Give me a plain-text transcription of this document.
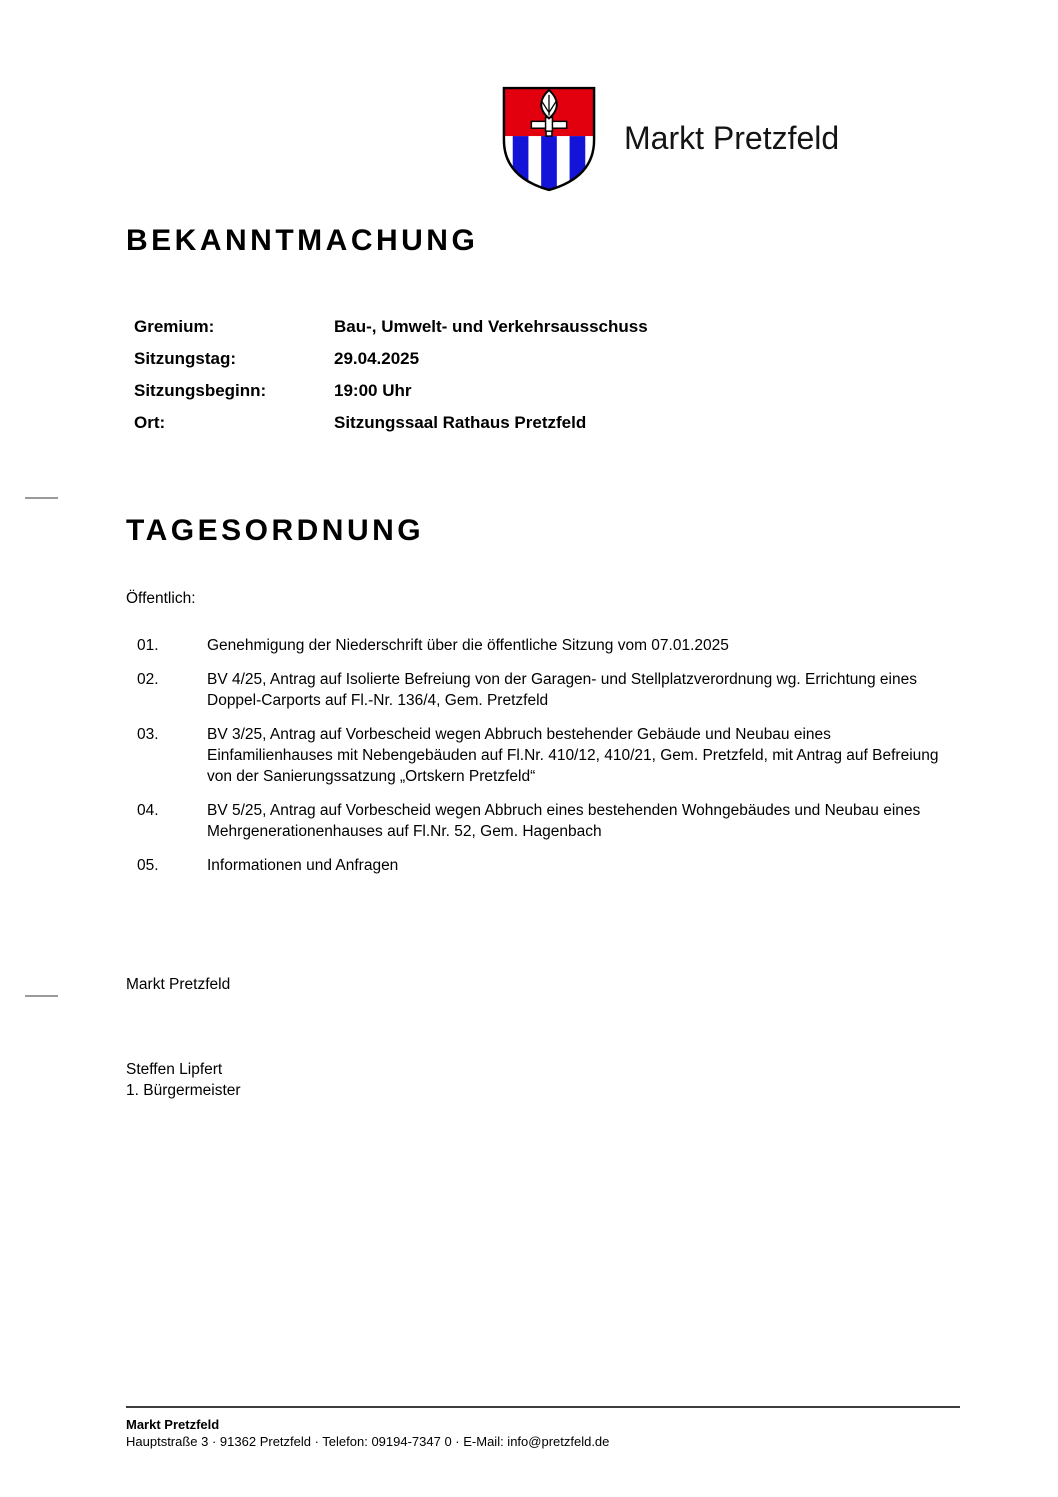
Markt Pretzfeld
BEKANNTMACHUNG
Gremium:	Bau-, Umwelt- und Verkehrsausschuss
Sitzungstag:	29.04.2025
Sitzungsbeginn:	19:00 Uhr
Ort:	Sitzungssaal Rathaus Pretzfeld
TAGESORDNUNG
Öffentlich:
01.	Genehmigung der Niederschrift über die öffentliche Sitzung vom 07.01.2025
02.	BV 4/25, Antrag auf Isolierte Befreiung von der Garagen- und Stellplatzverordnung wg. Errichtung eines Doppel-Carports auf Fl.-Nr. 136/4, Gem. Pretzfeld
03.	BV 3/25, Antrag auf Vorbescheid wegen Abbruch bestehender Gebäude und Neubau eines Einfamilienhauses mit Nebengebäuden auf Fl.Nr. 410/12, 410/21, Gem. Pretzfeld, mit Antrag auf Befreiung von der Sanierungssatzung „Ortskern Pretzfeld“
04.	BV 5/25, Antrag auf Vorbescheid wegen Abbruch eines bestehenden Wohngebäudes und Neubau eines Mehrgenerationenhauses auf Fl.Nr. 52, Gem. Hagenbach
05.	Informationen und Anfragen
Markt Pretzfeld
Steffen Lipfert
1. Bürgermeister
Markt Pretzfeld
Hauptstraße 3 · 91362 Pretzfeld · Telefon: 09194-7347 0 · E-Mail: info@pretzfeld.de
